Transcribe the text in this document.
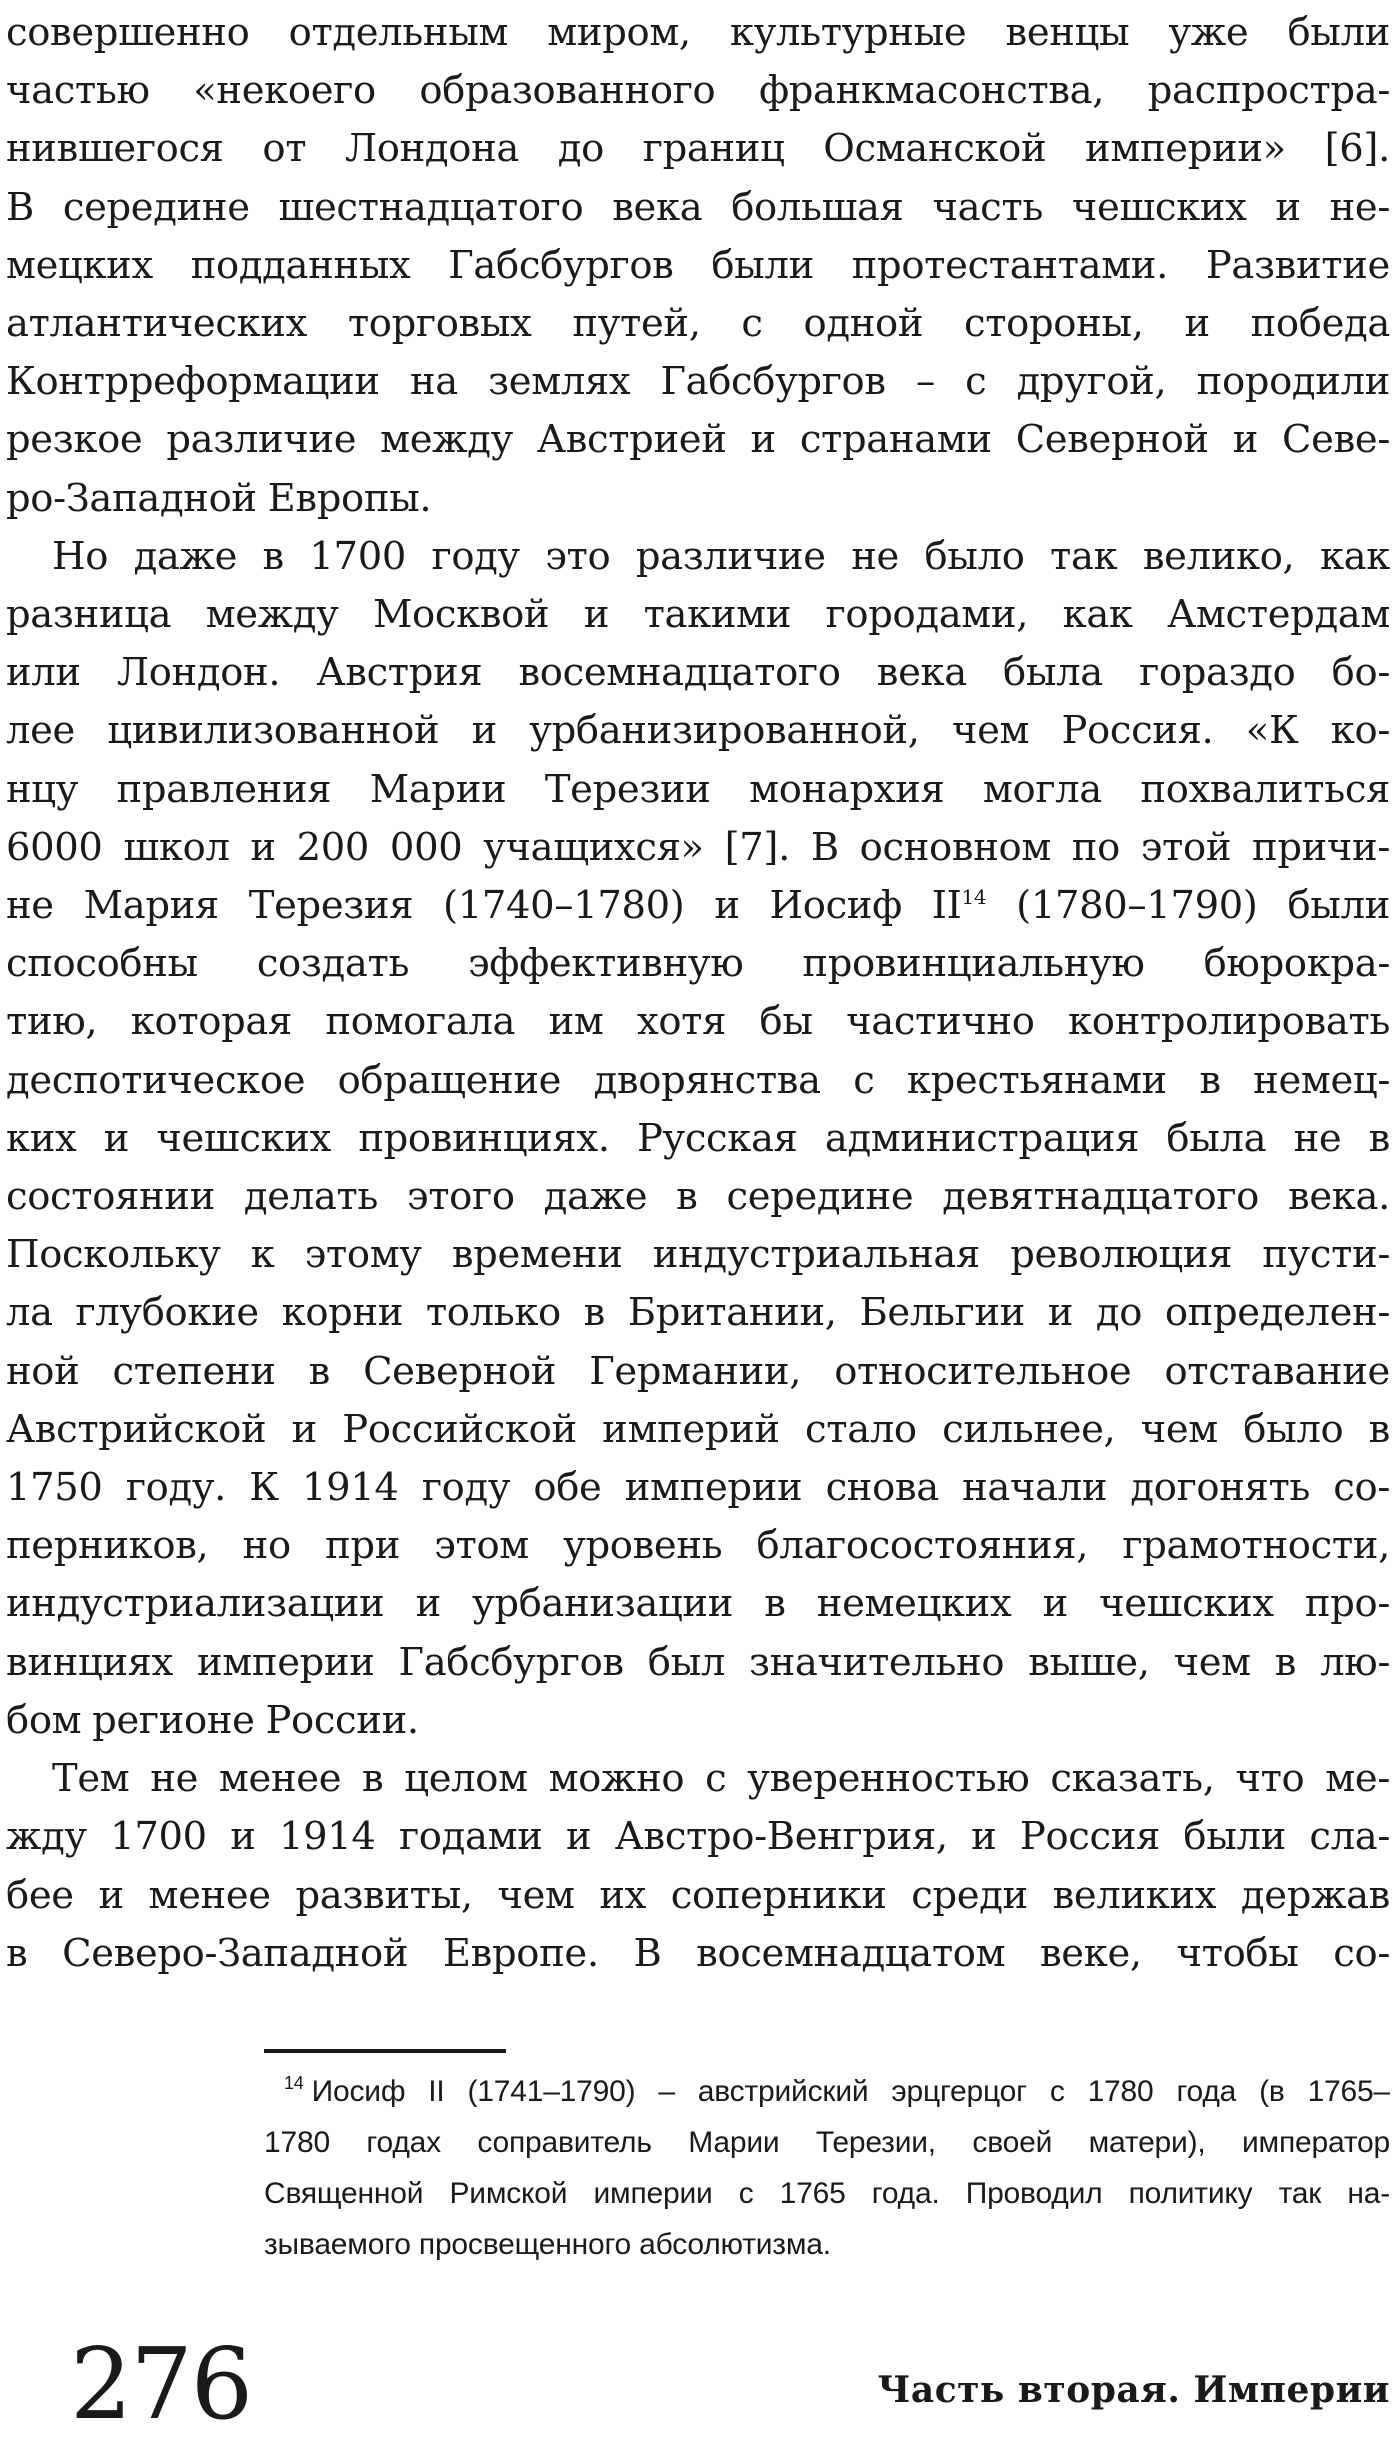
совершенно отдельным миром, культурные венцы уже были
частью «некоего образованного франкмасонства, распростра-
нившегося от Лондона до границ Османской империи» [6].
В середине шестнадцатого века большая часть чешских и не-
мецких подданных Габсбургов были протестантами. Развитие
атлантических торговых путей, с одной стороны, и победа
Контрреформации на землях Габсбургов – с другой, породили
резкое различие между Австрией и странами Северной и Севе-
ро-Западной Европы.
Но даже в 1700 году это различие не было так велико, как
разница между Москвой и такими городами, как Амстердам
или Лондон. Австрия восемнадцатого века была гораздо бо-
лее цивилизованной и урбанизированной, чем Россия. «К ко-
нцу правления Марии Терезии монархия могла похвалиться
6000 школ и 200 000 учащихся» [7]. В основном по этой причи-
не Мария Терезия (1740–1780) и Иосиф II$^{14}$ (1780–1790) были
способны создать эффективную провинциальную бюрокра-
тию, которая помогала им хотя бы частично контролировать
деспотическое обращение дворянства с крестьянами в немец-
ких и чешских провинциях. Русская администрация была не в
состоянии делать этого даже в середине девятнадцатого века.
Поскольку к этому времени индустриальная революция пусти-
ла глубокие корни только в Британии, Бельгии и до определен-
ной степени в Северной Германии, относительное отставание
Австрийской и Российской империй стало сильнее, чем было в
1750 году. К 1914 году обе империи снова начали догонять со-
перников, но при этом уровень благосостояния, грамотности,
индустриализации и урбанизации в немецких и чешских про-
винциях империи Габсбургов был значительно выше, чем в лю-
бом регионе России.
Тем не менее в целом можно с уверенностью сказать, что ме-
жду 1700 и 1914 годами и Австро-Венгрия, и Россия были сла-
бее и менее развиты, чем их соперники среди великих держав
в Северо-Западной Европе. В восемнадцатом веке, чтобы со-
$^{14}$ Иосиф II (1741–1790) – австрийский эрцгерцог с 1780 года (в 1765–
1780 годах соправитель Марии Терезии, своей матери), император
Священной Римской империи с 1765 года. Проводил политику так на-
зываемого просвещенного абсолютизма.
276	Часть вторая. Империи
